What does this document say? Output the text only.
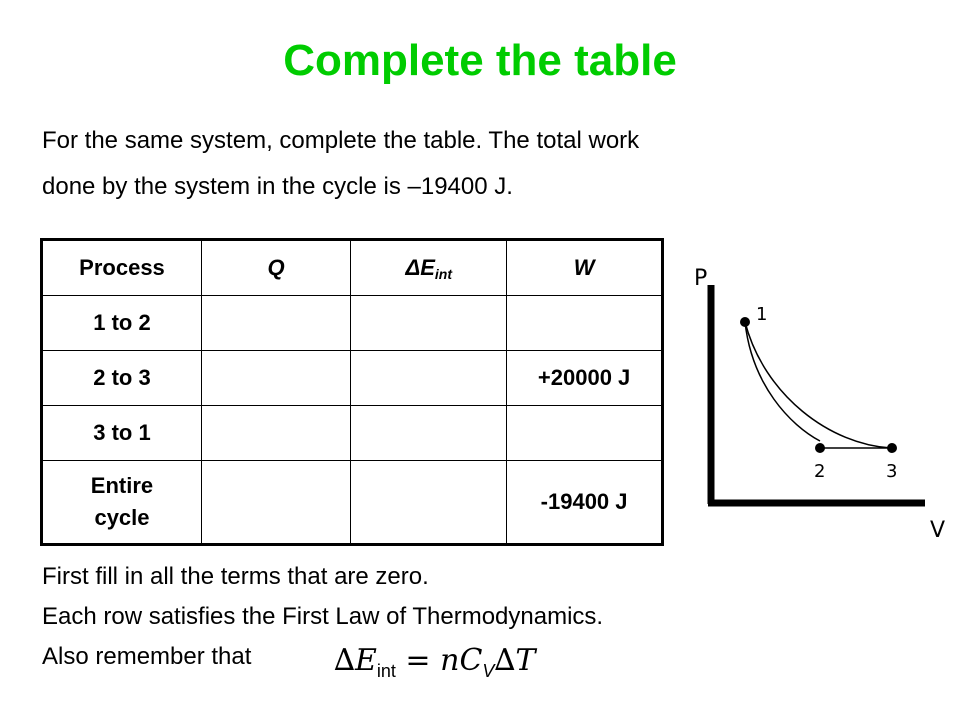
Complete the table
For the same system, complete the table. The total work
done by the system in the cycle is –19400 J.
Process	Q	$\Delta E_{int}$	W
1 to 2			
2 to 3			+20000 J
3 to 1			
Entire
cycle			-19400 J
P
V
1
2	3
First fill in all the terms that are zero.
Each row satisfies the First Law of Thermodynamics.
Also remember that	$\Delta E_{int} = nC_V\Delta T$
